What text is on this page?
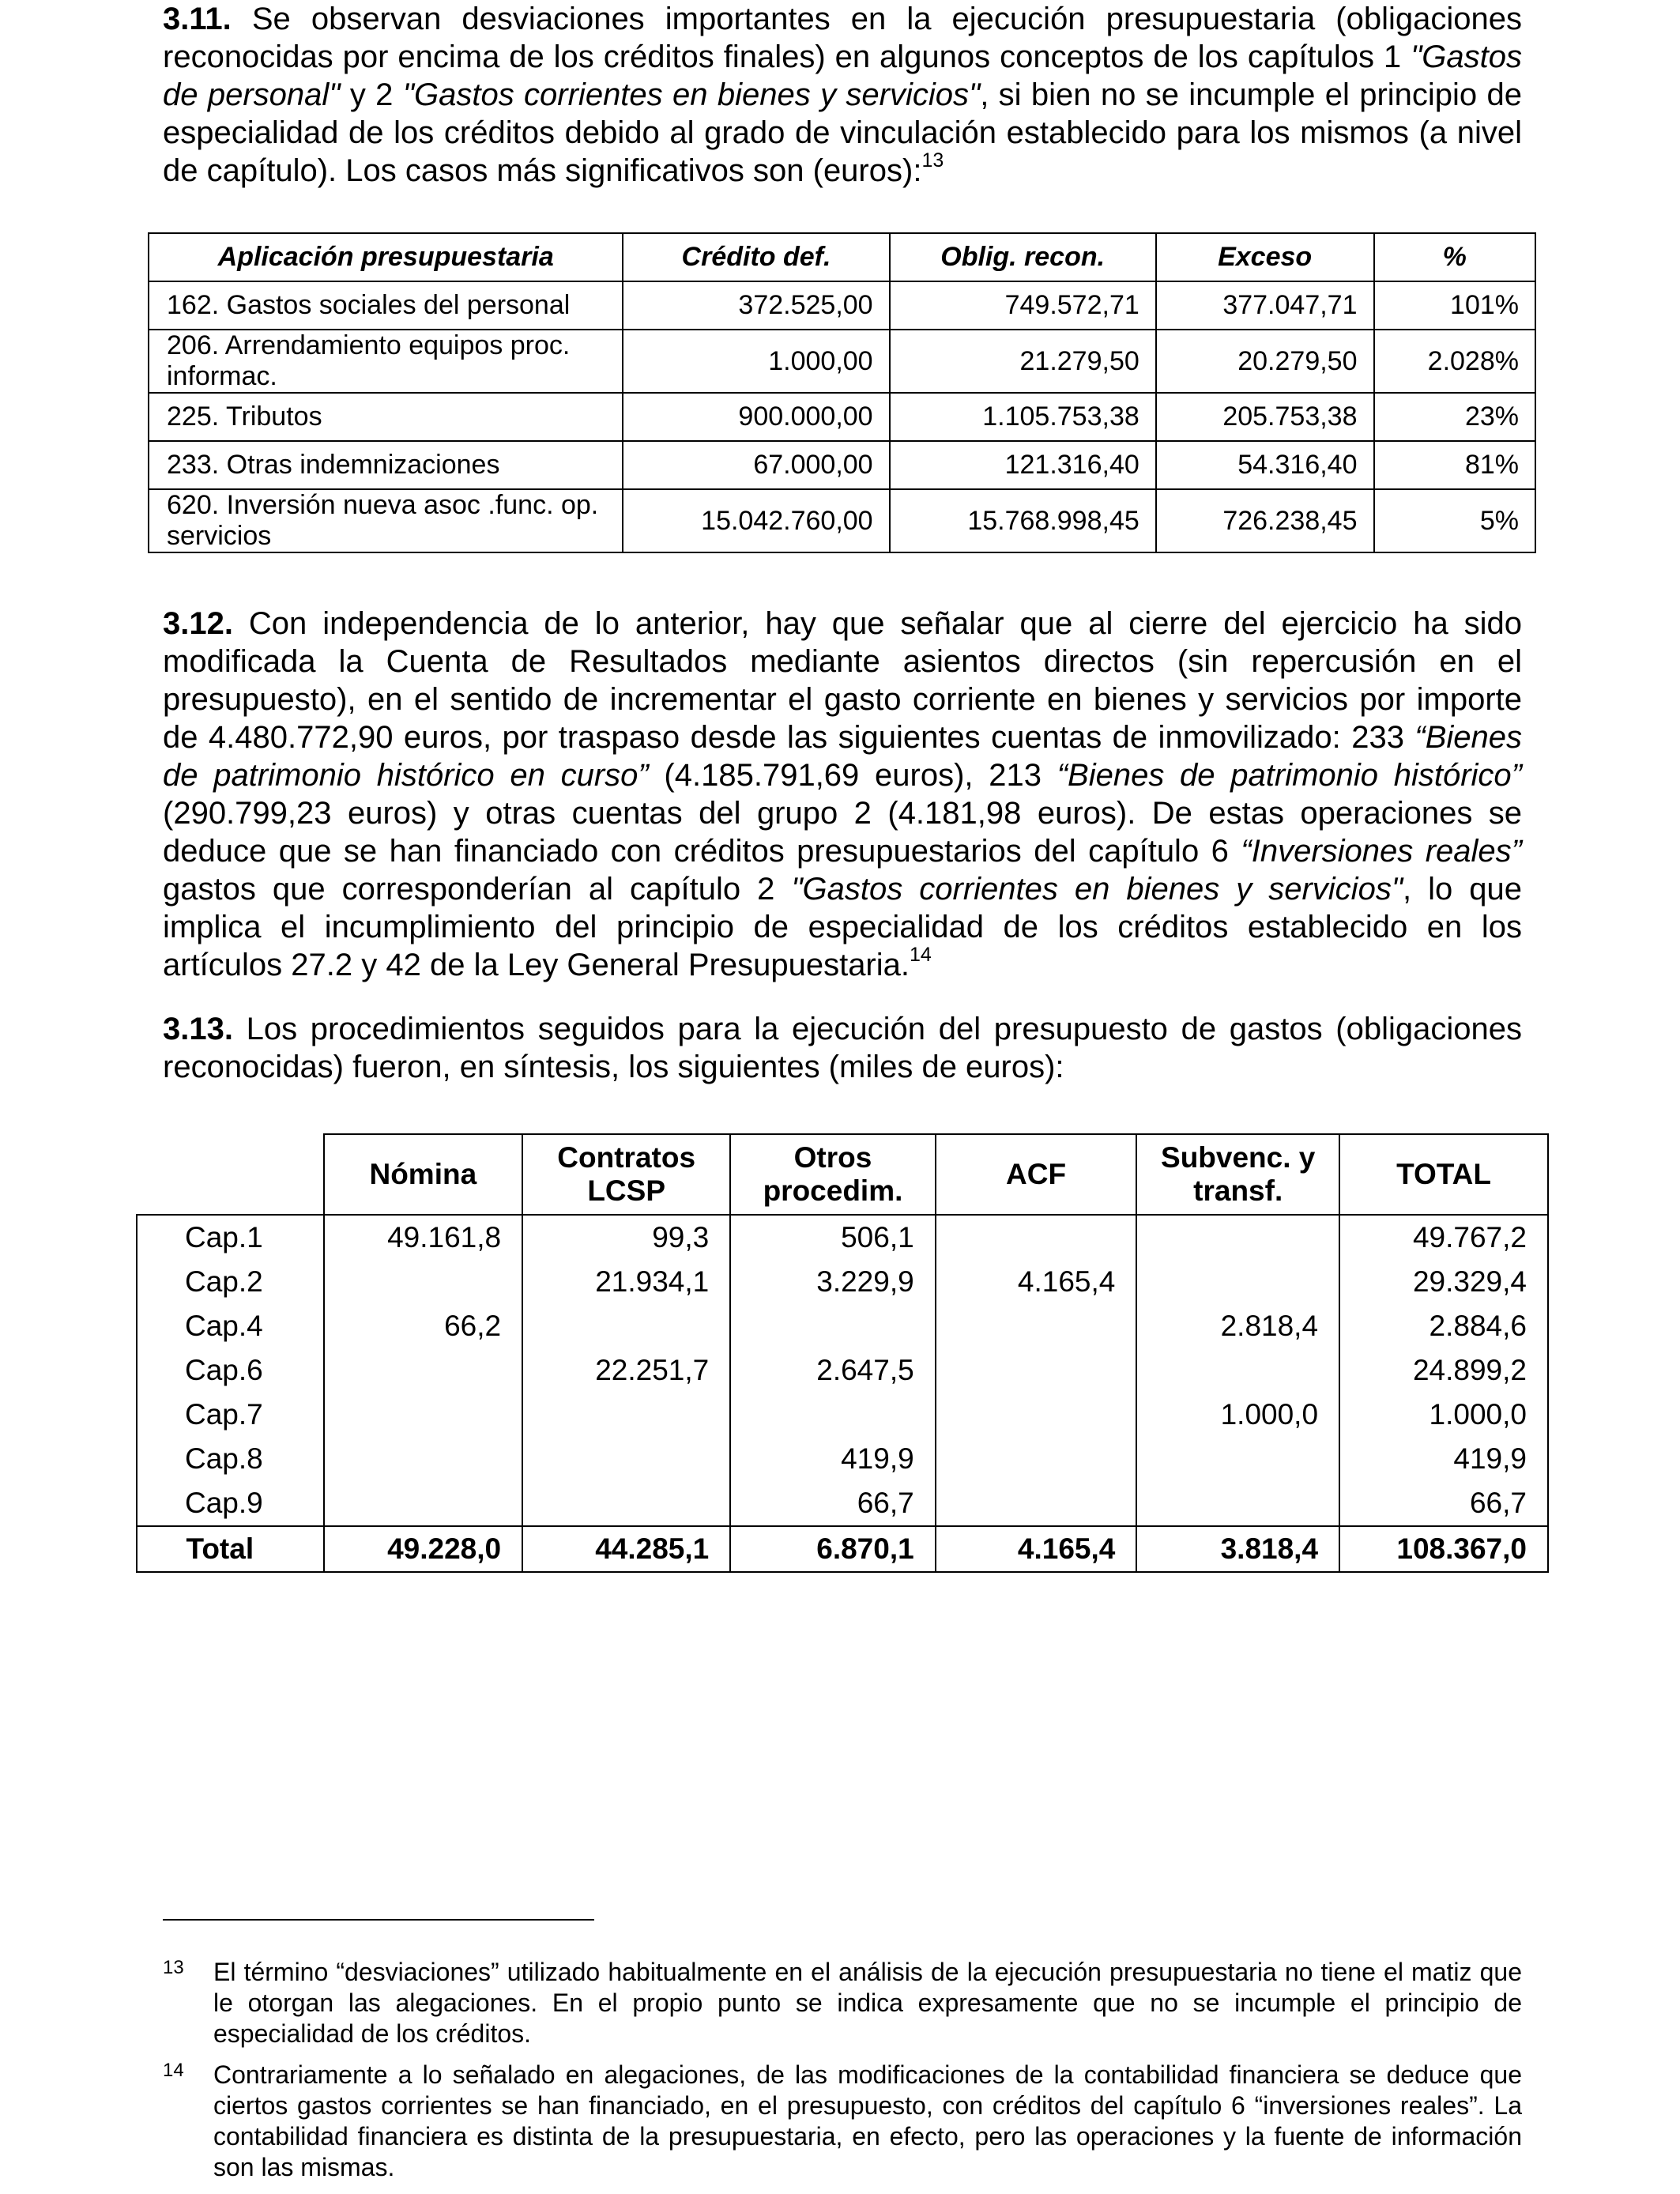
3.11. Se observan desviaciones importantes en la ejecución presupuestaria (obligaciones reconocidas por encima de los créditos finales) en algunos conceptos de los capítulos 1 "Gastos de personal" y 2 "Gastos corrientes en bienes y servicios", si bien no se incumple el principio de especialidad de los créditos debido al grado de vinculación establecido para los mismos (a nivel de capítulo). Los casos más significativos son (euros):$^{13}$

Aplicación presupuestaria	Crédito def.	Oblig. recon.	Exceso	%
162. Gastos sociales del personal	372.525,00	749.572,71	377.047,71	101%
206. Arrendamiento equipos proc. informac.	1.000,00	21.279,50	20.279,50	2.028%
225. Tributos	900.000,00	1.105.753,38	205.753,38	23%
233. Otras indemnizaciones	67.000,00	121.316,40	54.316,40	81%
620. Inversión nueva asoc .func. op. servicios	15.042.760,00	15.768.998,45	726.238,45	5%

3.12. Con independencia de lo anterior, hay que señalar que al cierre del ejercicio ha sido modificada la Cuenta de Resultados mediante asientos directos (sin repercusión en el presupuesto), en el sentido de incrementar el gasto corriente en bienes y servicios por importe de 4.480.772,90 euros, por traspaso desde las siguientes cuentas de inmovilizado: 233 “Bienes de patrimonio histórico en curso” (4.185.791,69 euros), 213 “Bienes de patrimonio histórico” (290.799,23 euros) y otras cuentas del grupo 2 (4.181,98 euros). De estas operaciones se deduce que se han financiado con créditos presupuestarios del capítulo 6 “Inversiones reales” gastos que corresponderían al capítulo 2 "Gastos corrientes en bienes y servicios", lo que implica el incumplimiento del principio de especialidad de los créditos establecido en los artículos 27.2 y 42 de la Ley General Presupuestaria.$^{14}$

3.13. Los procedimientos seguidos para la ejecución del presupuesto de gastos (obligaciones reconocidas) fueron, en síntesis, los siguientes (miles de euros):

	Nómina	Contratos LCSP	Otros procedim.	ACF	Subvenc. y transf.	TOTAL
Cap.1	49.161,8	99,3	506,1			49.767,2
Cap.2		21.934,1	3.229,9	4.165,4		29.329,4
Cap.4	66,2				2.818,4	2.884,6
Cap.6		22.251,7	2.647,5			24.899,2
Cap.7					1.000,0	1.000,0
Cap.8			419,9			419,9
Cap.9			66,7			66,7
Total	49.228,0	44.285,1	6.870,1	4.165,4	3.818,4	108.367,0
13 El término “desviaciones” utilizado habitualmente en el análisis de la ejecución presupuestaria no tiene el matiz que le otorgan las alegaciones. En el propio punto se indica expresamente que no se incumple el principio de especialidad de los créditos.
14 Contrariamente a lo señalado en alegaciones, de las modificaciones de la contabilidad financiera se deduce que ciertos gastos corrientes se han financiado, en el presupuesto, con créditos del capítulo 6 “inversiones reales”. La contabilidad financiera es distinta de la presupuestaria, en efecto, pero las operaciones y la fuente de información son las mismas.
